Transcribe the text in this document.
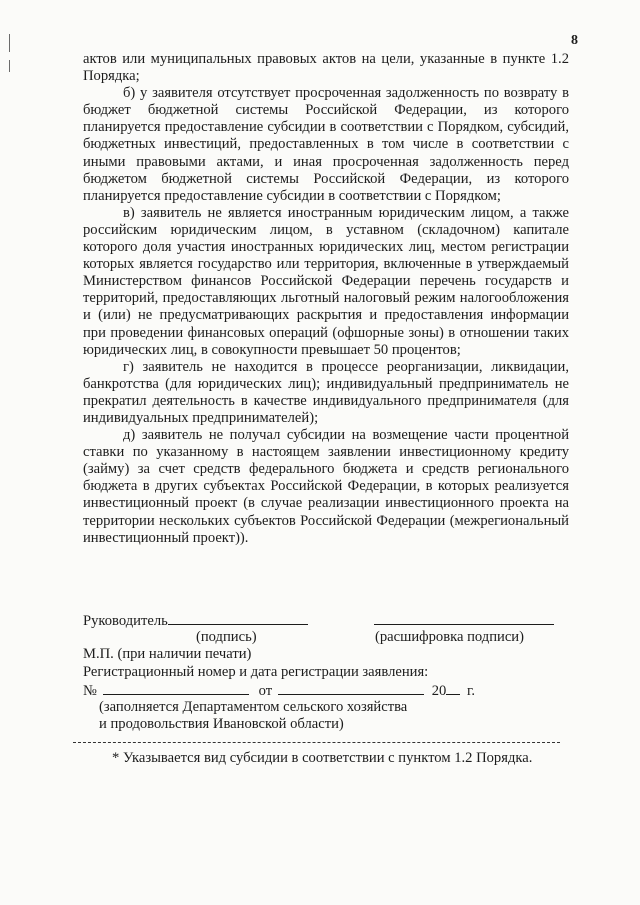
8

актов или муниципальных правовых актов на цели, указанные в пункте 1.2 Порядка;

б) у заявителя отсутствует просроченная задолженность по возврату в бюджет бюджетной системы Российской Федерации, из которого планируется предоставление субсидии в соответствии с Порядком, субсидий, бюджетных инвестиций, предоставленных в том числе в соответствии с иными правовыми актами, и иная просроченная задолженность перед бюджетом бюджетной системы Российской Федерации, из которого планируется предоставление субсидии в соответствии с Порядком;

в) заявитель не является иностранным юридическим лицом, а также российским юридическим лицом, в уставном (складочном) капитале которого доля участия иностранных юридических лиц, местом регистрации которых является государство или территория, включенные в утверждаемый Министерством финансов Российской Федерации перечень государств и территорий, предоставляющих льготный налоговый режим налогообложения и (или) не предусматривающих раскрытия и предоставления информации при проведении финансовых операций (офшорные зоны) в отношении таких юридических лиц, в совокупности превышает 50 процентов;

г) заявитель не находится в процессе реорганизации, ликвидации, банкротства (для юридических лиц); индивидуальный предприниматель не прекратил деятельность в качестве индивидуального предпринимателя (для индивидуальных предпринимателей);

д) заявитель не получал субсидии на возмещение части процентной ставки по указанному в настоящем заявлении инвестиционному кредиту (займу) за счет средств федерального бюджета и средств регионального бюджета в других субъектах Российской Федерации, в которых реализуется инвестиционный проект (в случае реализации инвестиционного проекта на территории нескольких субъектов Российской Федерации (межрегиональный инвестиционный проект)).

Руководитель
(подпись)	(расшифровка подписи)
М.П. (при наличии печати)
Регистрационный номер и дата регистрации заявления:
№	от	20 г.
(заполняется Департаментом сельского хозяйства
и продовольствия Ивановской области)
* Указывается вид субсидии в соответствии с пунктом 1.2 Порядка.
